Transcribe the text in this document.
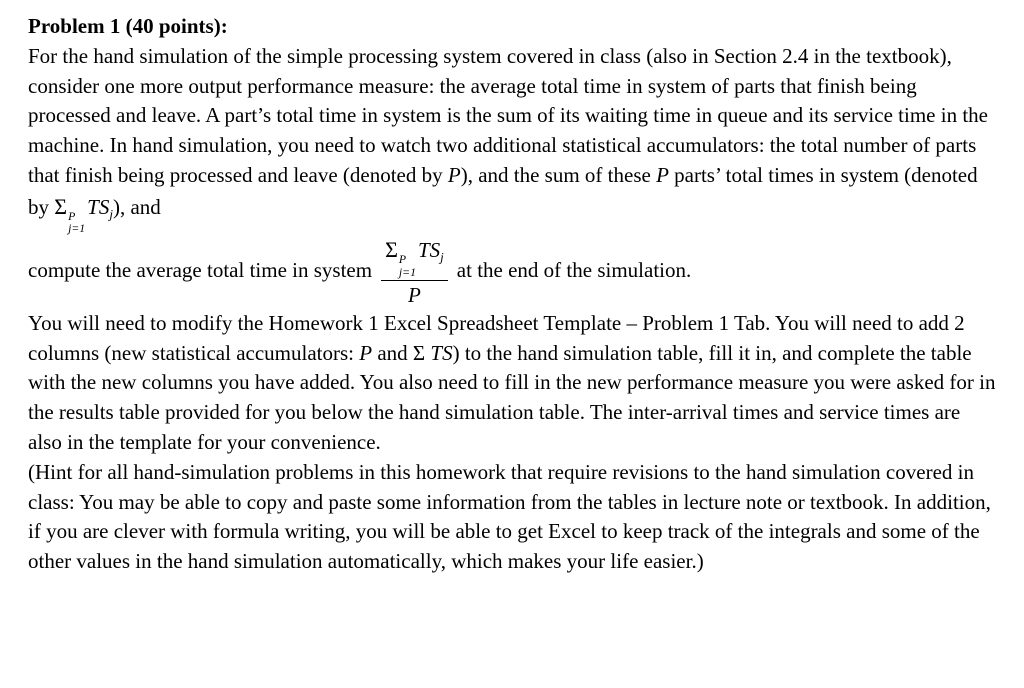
Problem 1 (40 points):

For the hand simulation of the simple processing system covered in class (also in Section 2.4 in the textbook), consider one more output performance measure: the average total time in system of parts that finish being processed and leave. A part’s total time in system is the sum of its waiting time in queue and its service time in the machine. In hand simulation, you need to watch two additional statistical accumulators: the total number of parts that finish being processed and leave (denoted by P), and the sum of these P parts’ total times in system (denoted by Σ P
j=1
$TS_j$), and

compute the average total time in system Σ P
j=1
$TS_j$
P at the end of the simulation.

You will need to modify the Homework 1 Excel Spreadsheet Template – Problem 1 Tab. You will need to add 2 columns (new statistical accumulators: P and Σ TS) to the hand simulation table, fill it in, and complete the table with the new columns you have added. You also need to fill in the new performance measure you were asked for in the results table provided for you below the hand simulation table. The inter-arrival times and service times are also in the template for your convenience.

(Hint for all hand-simulation problems in this homework that require revisions to the hand simulation covered in class: You may be able to copy and paste some information from the tables in lecture note or textbook. In addition, if you are clever with formula writing, you will be able to get Excel to keep track of the integrals and some of the other values in the hand simulation automatically, which makes your life easier.)
